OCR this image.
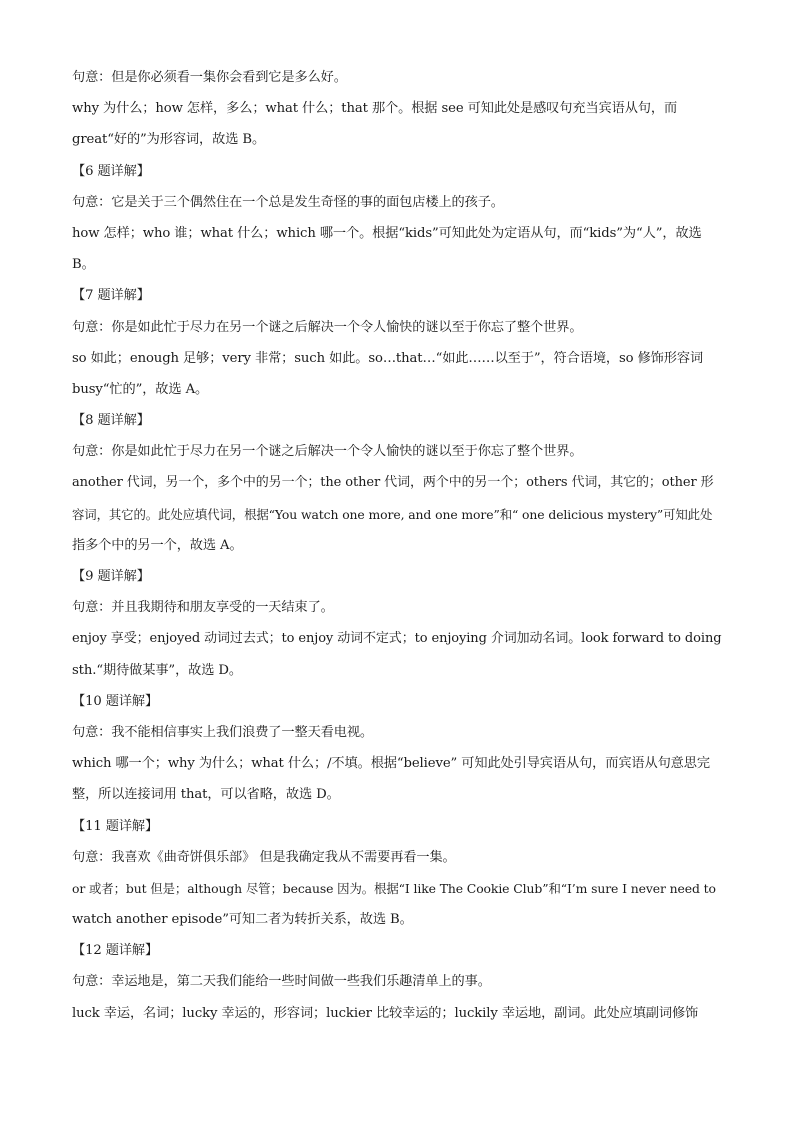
句意：但是你必须看一集你会看到它是多么好。
why 为什么；how 怎样，多么；what 什么；that 那个。根据 see 可知此处是感叹句充当宾语从句，而
great“好的”为形容词，故选 B。
【6 题详解】
句意：它是关于三个偶然住在一个总是发生奇怪的事的面包店楼上的孩子。
how 怎样；who 谁；what 什么；which 哪一个。根据“kids”可知此处为定语从句，而“kids”为“人”，故选
B。
【7 题详解】
句意：你是如此忙于尽力在另一个谜之后解决一个令人愉快的谜以至于你忘了整个世界。
so 如此；enough 足够；very 非常；such 如此。so…that…“如此……以至于”，符合语境，so 修饰形容词
busy“忙的”，故选 A。
【8 题详解】
句意：你是如此忙于尽力在另一个谜之后解决一个令人愉快的谜以至于你忘了整个世界。
another 代词，另一个，多个中的另一个；the other 代词，两个中的另一个；others 代词，其它的；other 形
容词，其它的。此处应填代词，根据“You watch one more, and one more”和“ one delicious mystery”可知此处
指多个中的另一个，故选 A。
【9 题详解】
句意：并且我期待和朋友享受的一天结束了。
enjoy 享受；enjoyed 动词过去式；to enjoy 动词不定式；to enjoying 介词加动名词。look forward to doing
sth.“期待做某事”，故选 D。
【10 题详解】
句意：我不能相信事实上我们浪费了一整天看电视。
which 哪一个；why 为什么；what 什么；/不填。根据“believe” 可知此处引导宾语从句，而宾语从句意思完
整，所以连接词用 that，可以省略，故选 D。
【11 题详解】
句意：我喜欢《曲奇饼俱乐部》 但是我确定我从不需要再看一集。
or 或者；but 但是；although 尽管；because 因为。根据“I like The Cookie Club”和“I’m sure I never need to
watch another episode”可知二者为转折关系，故选 B。
【12 题详解】
句意：幸运地是，第二天我们能给一些时间做一些我们乐趣清单上的事。
luck 幸运，名词；lucky 幸运的，形容词；luckier 比较幸运的；luckily 幸运地，副词。此处应填副词修饰
